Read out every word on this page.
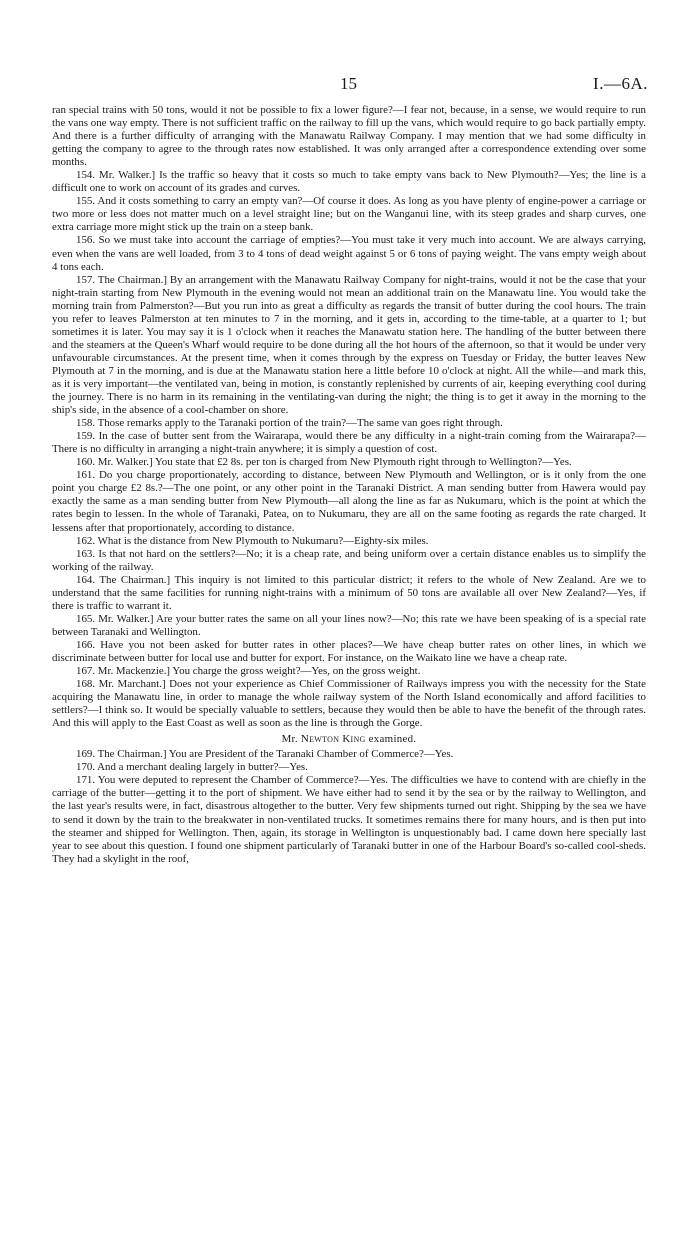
15	I.—6A.

ran special trains with 50 tons, would it not be possible to fix a lower figure?—I fear not, because, in a sense, we would require to run the vans one way empty. There is not sufficient traffic on the railway to fill up the vans, which would require to go back partially empty. And there is a further difficulty of arranging with the Manawatu Railway Company. I may mention that we had some difficulty in getting the company to agree to the through rates now established. It was only arranged after a correspondence extending over some months.

154. Mr. Walker.] Is the traffic so heavy that it costs so much to take empty vans back to New Plymouth?—Yes; the line is a difficult one to work on account of its grades and curves.

155. And it costs something to carry an empty van?—Of course it does. As long as you have plenty of engine-power a carriage or two more or less does not matter much on a level straight line; but on the Wanganui line, with its steep grades and sharp curves, one extra carriage more might stick up the train on a steep bank.

156. So we must take into account the carriage of empties?—You must take it very much into account. We are always carrying, even when the vans are well loaded, from 3 to 4 tons of dead weight against 5 or 6 tons of paying weight. The vans empty weigh about 4 tons each.

157. The Chairman.] By an arrangement with the Manawatu Railway Company for night-trains, would it not be the case that your night-train starting from New Plymouth in the evening would not mean an additional train on the Manawatu line. You would take the morning train from Palmerston?—But you run into as great a difficulty as regards the transit of butter during the cool hours. The train you refer to leaves Palmerston at ten minutes to 7 in the morning, and it gets in, according to the time-table, at a quarter to 1; but sometimes it is later. You may say it is 1 o'clock when it reaches the Manawatu station here. The handling of the butter between there and the steamers at the Queen's Wharf would require to be done during all the hot hours of the afternoon, so that it would be under very unfavourable circumstances. At the present time, when it comes through by the express on Tuesday or Friday, the butter leaves New Plymouth at 7 in the morning, and is due at the Manawatu station here a little before 10 o'clock at night. All the while—and mark this, as it is very important—the ventilated van, being in motion, is constantly replenished by currents of air, keeping everything cool during the journey. There is no harm in its remaining in the ventilating-van during the night; the thing is to get it away in the morning to the ship's side, in the absence of a cool-chamber on shore.

158. Those remarks apply to the Taranaki portion of the train?—The same van goes right through.

159. In the case of butter sent from the Wairarapa, would there be any difficulty in a night-train coming from the Wairarapa?—There is no difficulty in arranging a night-train anywhere; it is simply a question of cost.

160. Mr. Walker.] You state that £2 8s. per ton is charged from New Plymouth right through to Wellington?—Yes.

161. Do you charge proportionately, according to distance, between New Plymouth and Wellington, or is it only from the one point you charge £2 8s.?—The one point, or any other point in the Taranaki District. A man sending butter from Hawera would pay exactly the same as a man sending butter from New Plymouth—all along the line as far as Nukumaru, which is the point at which the rates begin to lessen. In the whole of Taranaki, Patea, on to Nukumaru, they are all on the same footing as regards the rate charged. It lessens after that proportionately, according to distance.

162. What is the distance from New Plymouth to Nukumaru?—Eighty-six miles.

163. Is that not hard on the settlers?—No; it is a cheap rate, and being uniform over a certain distance enables us to simplify the working of the railway.

164. The Chairman.] This inquiry is not limited to this particular district; it refers to the whole of New Zealand. Are we to understand that the same facilities for running night-trains with a minimum of 50 tons are available all over New Zealand?—Yes, if there is traffic to warrant it.

165. Mr. Walker.] Are your butter rates the same on all your lines now?—No; this rate we have been speaking of is a special rate between Taranaki and Wellington.

166. Have you not been asked for butter rates in other places?—We have cheap butter rates on other lines, in which we discriminate between butter for local use and butter for export. For instance, on the Waikato line we have a cheap rate.

167. Mr. Mackenzie.] You charge the gross weight?—Yes, on the gross weight.

168. Mr. Marchant.] Does not your experience as Chief Commissioner of Railways impress you with the necessity for the State acquiring the Manawatu line, in order to manage the whole railway system of the North Island economically and afford facilities to settlers?—I think so. It would be specially valuable to settlers, because they would then be able to have the benefit of the through rates. And this will apply to the East Coast as well as soon as the line is through the Gorge.

Mr. Newton King examined.

169. The Chairman.] You are President of the Taranaki Chamber of Commerce?—Yes.

170. And a merchant dealing largely in butter?—Yes.

171. You were deputed to represent the Chamber of Commerce?—Yes. The difficulties we have to contend with are chiefly in the carriage of the butter—getting it to the port of shipment. We have either had to send it by the sea or by the railway to Wellington, and the last year's results were, in fact, disastrous altogether to the butter. Very few shipments turned out right. Shipping by the sea we have to send it down by the train to the breakwater in non-ventilated trucks. It sometimes remains there for many hours, and is then put into the steamer and shipped for Wellington. Then, again, its storage in Wellington is unquestionably bad. I came down here specially last year to see about this question. I found one shipment particularly of Taranaki butter in one of the Harbour Board's so-called cool-sheds. They had a skylight in the roof,
